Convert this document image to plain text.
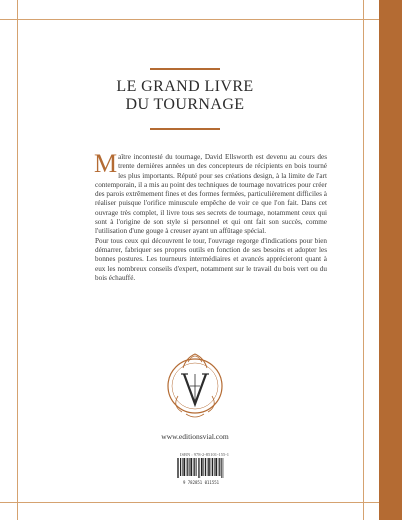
LE GRAND LIVRE
DU TOURNAGE

Maître incontesté du tournage, David Ellsworth est devenu au cours des trente dernières années un des concepteurs de récipients en bois tourné les plus importants. Réputé pour ses créations design, à la limite de l'art contemporain, il a mis au point des techniques de tournage novatrices pour créer des parois extrêmement fines et des formes fermées, particulièrement difficiles à réaliser puisque l'orifice minuscule empêche de voir ce que l'on fait. Dans cet ouvrage très complet, il livre tous ses secrets de tournage, notamment ceux qui sont à l'origine de son style si personnel et qui ont fait son succès, comme l'utilisation d'une gouge à creuser ayant un affûtage spécial.

Pour tous ceux qui découvrent le tour, l'ouvrage regorge d'indications pour bien démarrer, fabriquer ses propres outils en fonction de ses besoins et adopter les bonnes postures. Les tourneurs intermédiaires et avancés apprécieront quant à eux les nombreux conseils d'expert, notamment sur le travail du bois vert ou du bois échauffé.

www.editionsvial.com
ISBN : 978-2-85101-155-1
9 782851 011551
